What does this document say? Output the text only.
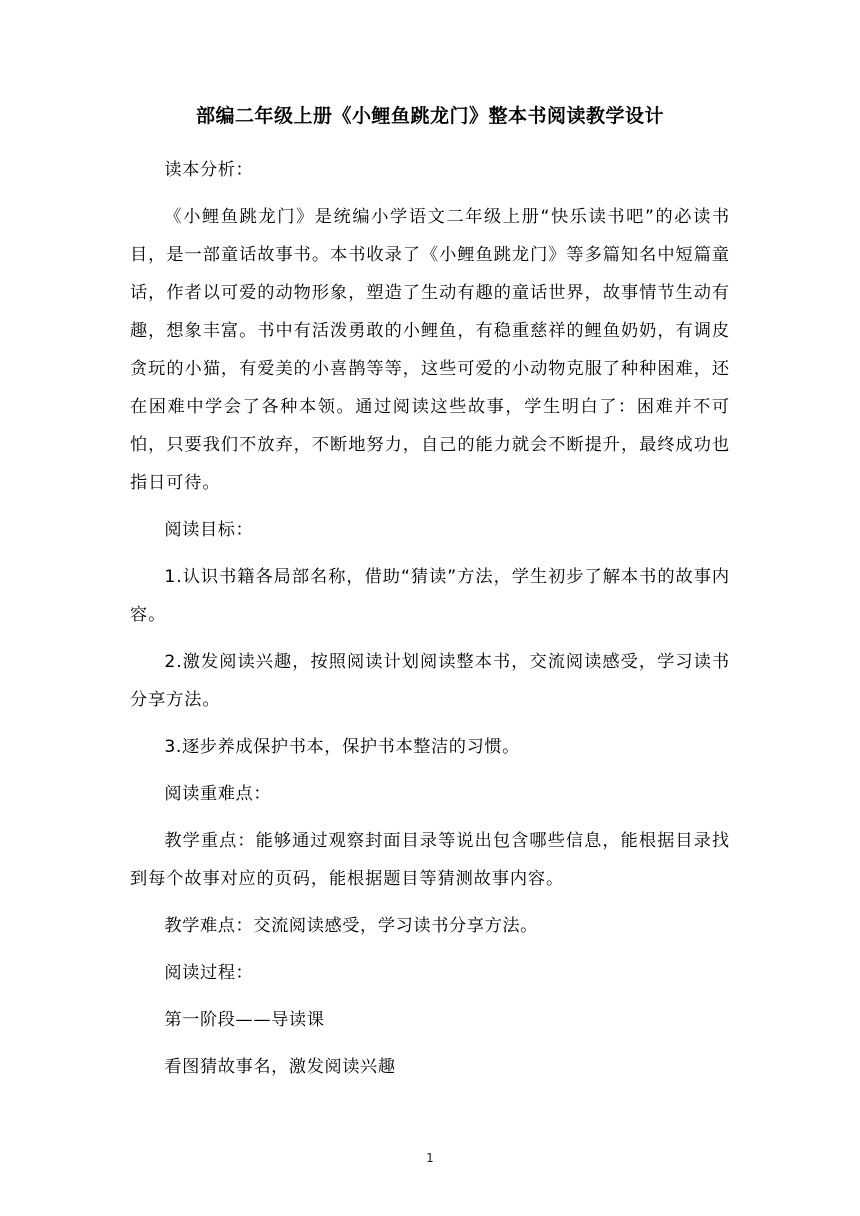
部编二年级上册《小鲤鱼跳龙门》整本书阅读教学设计

读本分析：

《小鲤鱼跳龙门》是统编小学语文二年级上册“快乐读书吧”的必读书目，是一部童话故事书。本书收录了《小鲤鱼跳龙门》等多篇知名中短篇童话，作者以可爱的动物形象，塑造了生动有趣的童话世界，故事情节生动有趣，想象丰富。书中有活泼勇敢的小鲤鱼，有稳重慈祥的鲤鱼奶奶，有调皮贪玩的小猫，有爱美的小喜鹊等等，这些可爱的小动物克服了种种困难，还在困难中学会了各种本领。通过阅读这些故事，学生明白了：困难并不可怕，只要我们不放弃，不断地努力，自己的能力就会不断提升，最终成功也指日可待。

阅读目标：

1.认识书籍各局部名称，借助“猜读”方法，学生初步了解本书的故事内容。

2.激发阅读兴趣，按照阅读计划阅读整本书，交流阅读感受，学习读书分享方法。

3.逐步养成保护书本，保护书本整洁的习惯。

阅读重难点：

教学重点：能够通过观察封面目录等说出包含哪些信息，能根据目录找到每个故事对应的页码，能根据题目等猜测故事内容。

教学难点：交流阅读感受，学习读书分享方法。

阅读过程：

第一阶段——导读课

看图猜故事名，激发阅读兴趣

1
